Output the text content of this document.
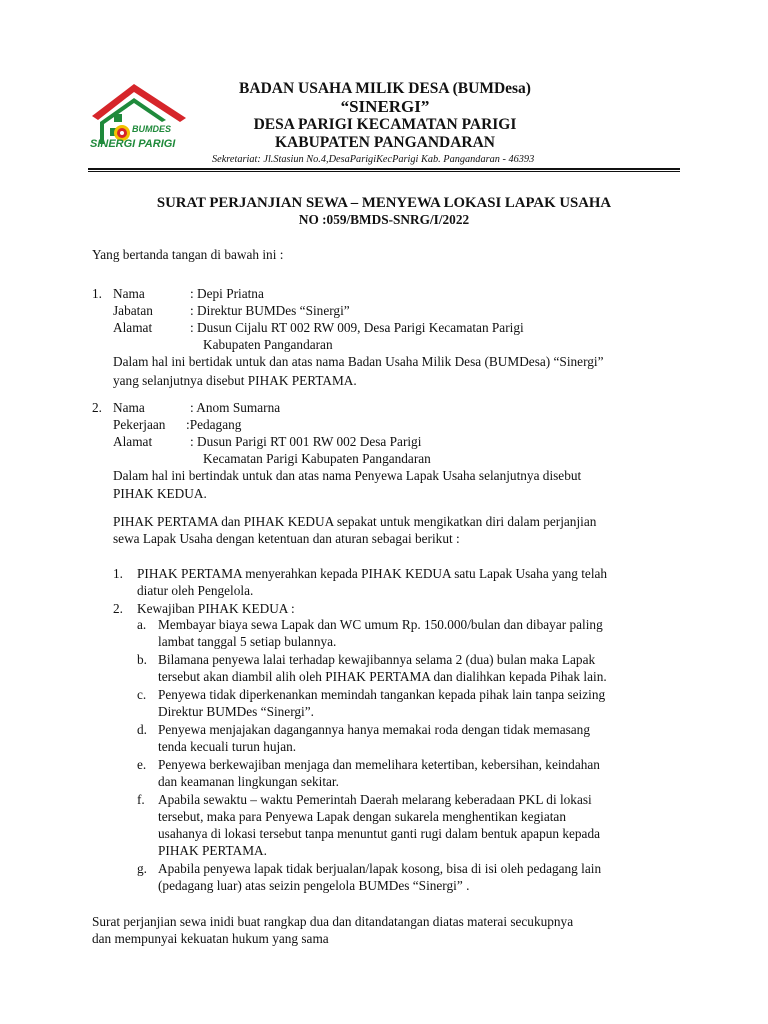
BUMDES
SINERGI PARIGI
BADAN USAHA MILIK DESA (BUMDesa)
“SINERGI”
DESA PARIGI KECAMATAN PARIGI
KABUPATEN PANGANDARAN
Sekretariat: Jl.Stasiun No.4,DesaParigiKecParigi Kab. Pangandaran - 46393
SURAT PERJANJIAN SEWA – MENYEWA LOKASI LAPAK USAHA
NO :059/BMDS-SNRG/I/2022
Yang bertanda tangan di bawah ini :
1. Nama	: Depi Priatna
Jabatan	: Direktur BUMDes “Sinergi”
Alamat	: Dusun Cijalu RT 002 RW 009, Desa Parigi Kecamatan Parigi
Kabupaten Pangandaran
Dalam hal ini bertidak untuk dan atas nama Badan Usaha Milik Desa (BUMDesa) “Sinergi”
yang selanjutnya disebut PIHAK PERTAMA.
2. Nama	: Anom Sumarna
Pekerjaan :Pedagang
Alamat	: Dusun Parigi RT 001 RW 002 Desa Parigi
Kecamatan Parigi Kabupaten Pangandaran
Dalam hal ini bertindak untuk dan atas nama Penyewa Lapak Usaha selanjutnya disebut
PIHAK KEDUA.
PIHAK PERTAMA dan PIHAK KEDUA sepakat untuk mengikatkan diri dalam perjanjian
sewa Lapak Usaha dengan ketentuan dan aturan sebagai berikut :
1. PIHAK PERTAMA menyerahkan kepada PIHAK KEDUA satu Lapak Usaha yang telah
diatur oleh Pengelola.
2. Kewajiban PIHAK KEDUA :
a. Membayar biaya sewa Lapak dan WC umum Rp. 150.000/bulan dan dibayar paling
lambat tanggal 5 setiap bulannya.
b. Bilamana penyewa lalai terhadap kewajibannya selama 2 (dua) bulan maka Lapak
tersebut akan diambil alih oleh PIHAK PERTAMA dan dialihkan kepada Pihak lain.
c. Penyewa tidak diperkenankan memindah tangankan kepada pihak lain tanpa seizing
Direktur BUMDes “Sinergi”.
d. Penyewa menjajakan dagangannya hanya memakai roda dengan tidak memasang
tenda kecuali turun hujan.
e. Penyewa berkewajiban menjaga dan memelihara ketertiban, kebersihan, keindahan
dan keamanan lingkungan sekitar.
f. Apabila sewaktu – waktu Pemerintah Daerah melarang keberadaan PKL di lokasi
tersebut, maka para Penyewa Lapak dengan sukarela menghentikan kegiatan
usahanya di lokasi tersebut tanpa menuntut ganti rugi dalam bentuk apapun kepada
PIHAK PERTAMA.
g. Apabila penyewa lapak tidak berjualan/lapak kosong, bisa di isi oleh pedagang lain
(pedagang luar) atas seizin pengelola BUMDes “Sinergi” .
Surat perjanjian sewa inidi buat rangkap dua dan ditandatangan diatas materai secukupnya
dan mempunyai kekuatan hukum yang sama
